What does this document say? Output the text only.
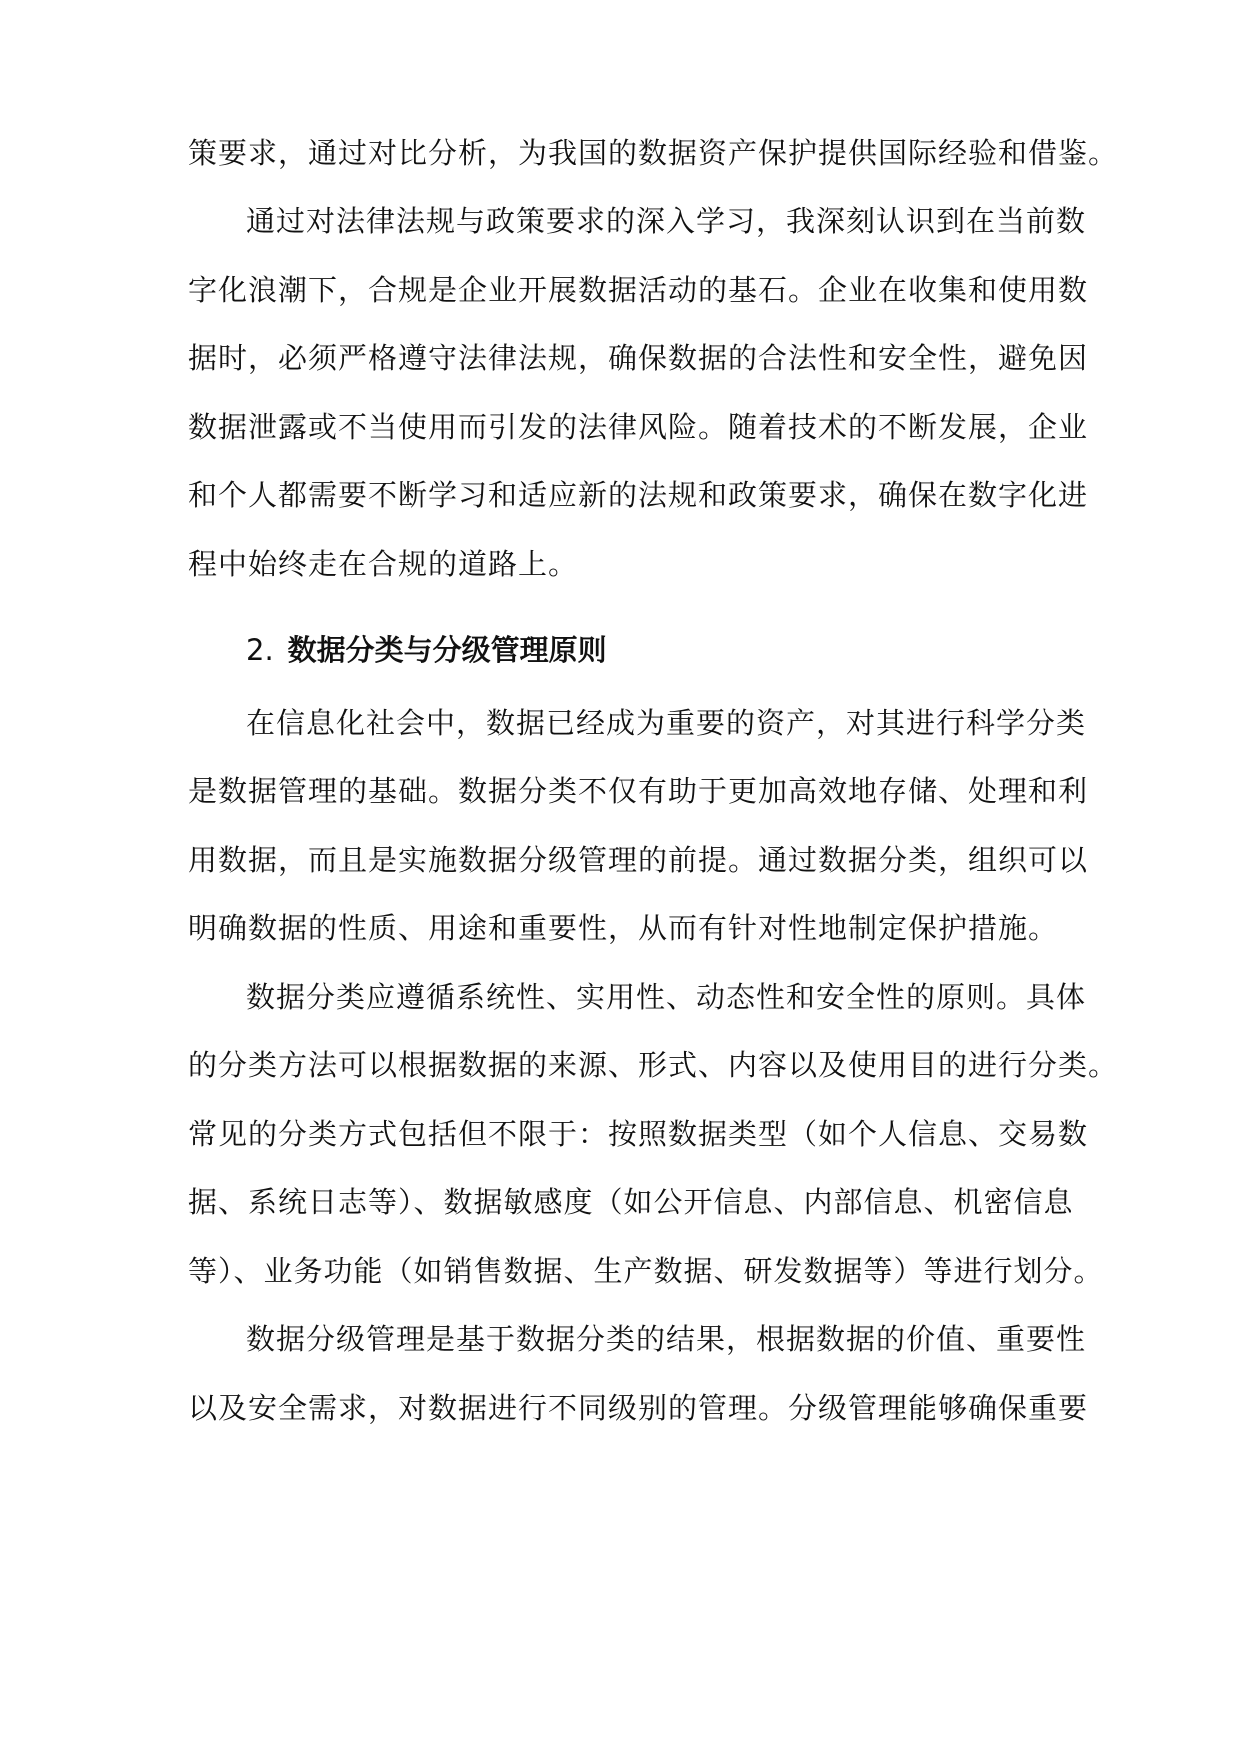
策要求，通过对比分析，为我国的数据资产保护提供国际经验和借鉴。
通过对法律法规与政策要求的深入学习，我深刻认识到在当前数
字化浪潮下，合规是企业开展数据活动的基石。企业在收集和使用数
据时，必须严格遵守法律法规，确保数据的合法性和安全性，避免因
数据泄露或不当使用而引发的法律风险。随着技术的不断发展，企业
和个人都需要不断学习和适应新的法规和政策要求，确保在数字化进
程中始终走在合规的道路上。
2. 数据分类与分级管理原则
在信息化社会中，数据已经成为重要的资产，对其进行科学分类
是数据管理的基础。数据分类不仅有助于更加高效地存储、处理和利
用数据，而且是实施数据分级管理的前提。通过数据分类，组织可以
明确数据的性质、用途和重要性，从而有针对性地制定保护措施。
数据分类应遵循系统性、实用性、动态性和安全性的原则。具体
的分类方法可以根据数据的来源、形式、内容以及使用目的进行分类。
常见的分类方式包括但不限于：按照数据类型（如个人信息、交易数
据、系统日志等）、数据敏感度（如公开信息、内部信息、机密信息
等）、业务功能（如销售数据、生产数据、研发数据等）等进行划分。
数据分级管理是基于数据分类的结果，根据数据的价值、重要性
以及安全需求，对数据进行不同级别的管理。分级管理能够确保重要
